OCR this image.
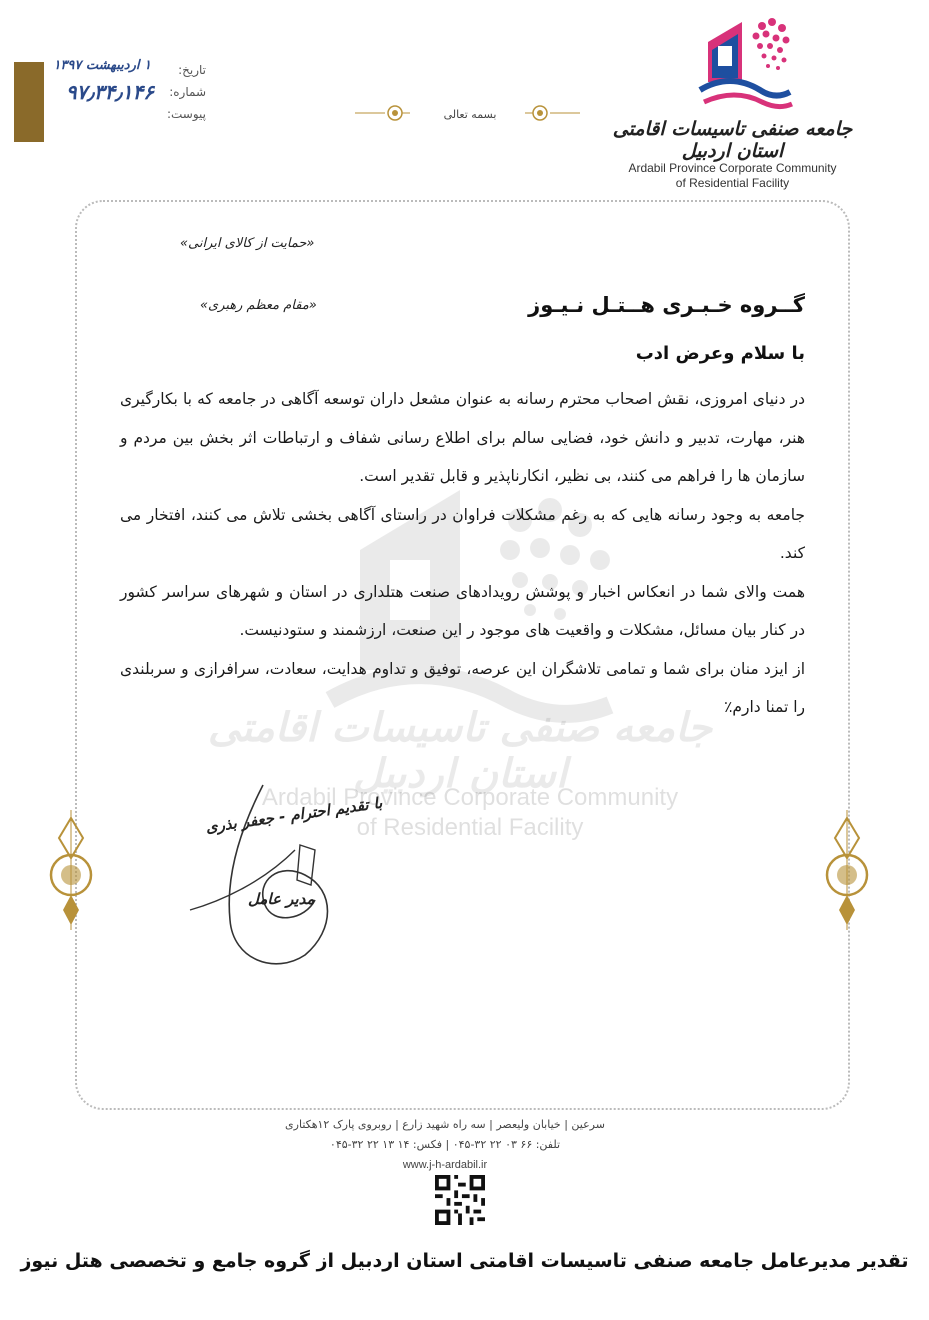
تاریخ:
۱ اردیبهشت ۱۳۹۷
شماره:
۹۷٫۳۴٫۱۴۶
پیوست:	بسمه تعالی
جامعه صنفی تاسیسات اقامتی استان اردبیل
Ardabil Province Corporate Community
of Residential Facility
جامعه صنفی تاسیسات اقامتی استان اردبیل
Ardabil Province Corporate Community
of Residential Facility
«حمایت از کالای ایرانی»
«مقام معظم رهبری»	گــروه خـبـری هــتـل نـیـوز
با سلام وعرض ادب

در دنیای امروزی، نقش اصحاب محترم رسانه به عنوان مشعل داران توسعه آگاهی در جامعه که با بکارگیری هنر، مهارت، تدبیر و دانش خود، فضایی سالم برای اطلاع رسانی شفاف و ارتباطات اثر بخش بین مردم و سازمان ها را فراهم می کنند، بی نظیر، انکارناپذیر و قابل تقدیر است.

جامعه به وجود رسانه هایی که به رغم مشکلات فراوان در راستای آگاهی بخشی تلاش می کنند، افتخار می کند.

همت والای شما در انعکاس اخبار و پوشش رویدادهای صنعت هتلداری در استان و شهرهای سراسر کشور در کنار بیان مسائل، مشکلات و واقعیت های موجود ر این صنعت، ارزشمند و ستودنیست.

از ایزد منان برای شما و تمامی تلاشگران این عرصه، توفیق و تداوم هدایت، سعادت، سرافرازی و سربلندی را تمنا دارم٪

با تقدیم احترام - جعفر بذری
مدیر عامل
سرعین | خیابان ولیعصر | سه راه شهید زارع | روبروی پارک ۱۲هکتاری
تلفن: ۶۶ ۰۳ ۲۲ ۳۲-۰۴۵ | فکس: ۱۴ ۱۳ ۲۲ ۳۲-۰۴۵
www.j-h-ardabil.ir
تقدیر مدیرعامل جامعه صنفی تاسیسات اقامتی استان اردبیل از گروه جامع و تخصصی هتل نیوز
